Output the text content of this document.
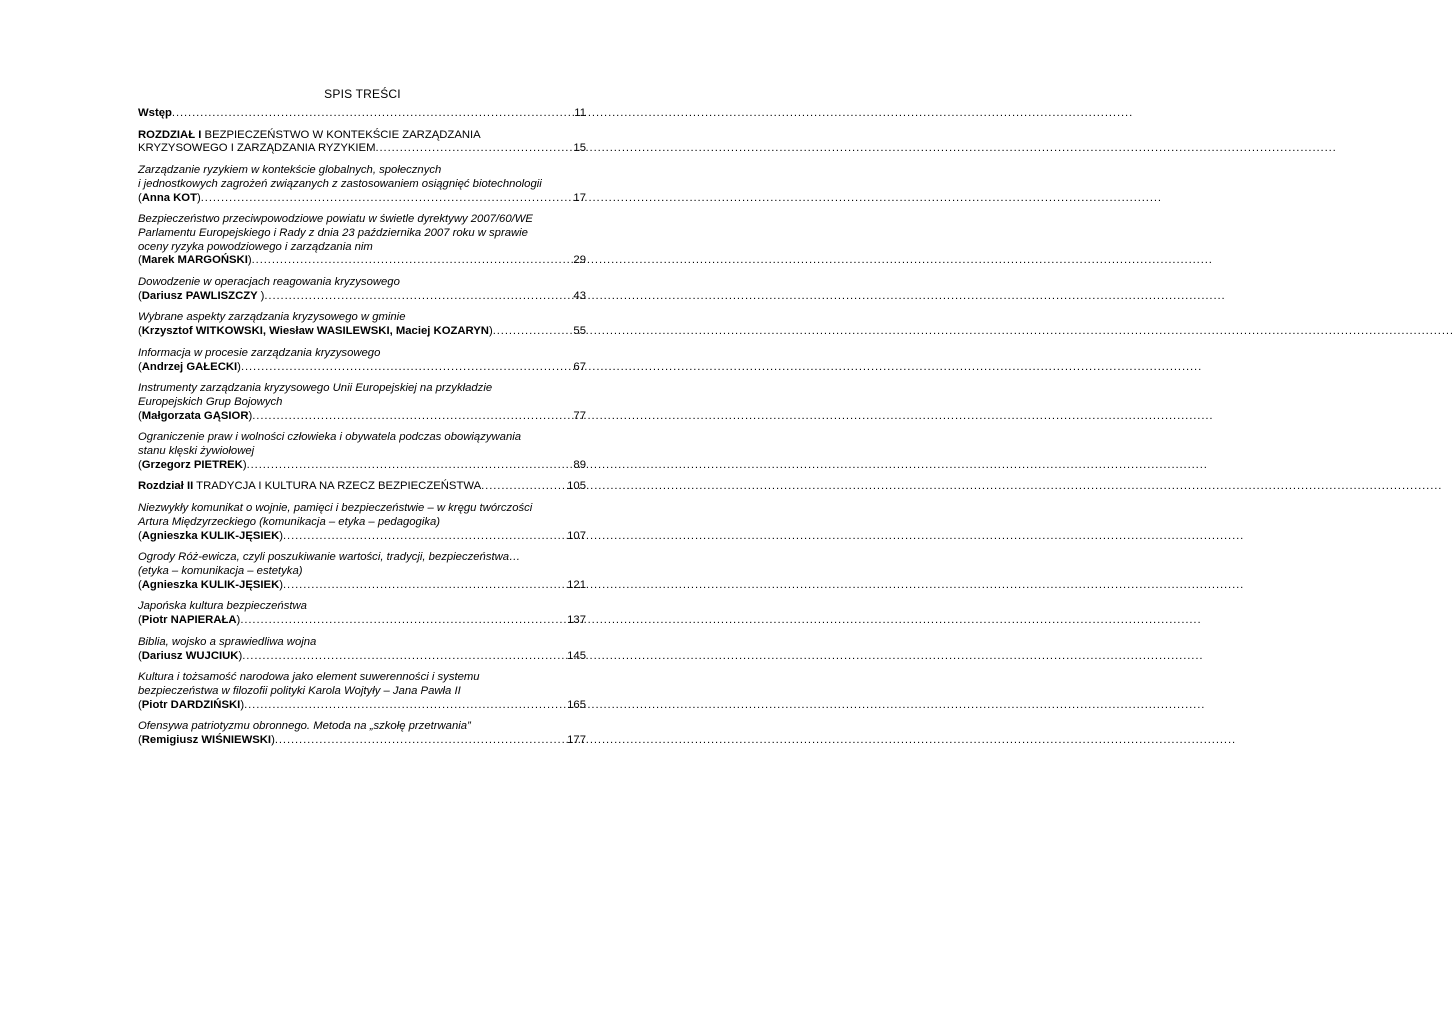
SPIS TREŚCI
Wstęp .....	11
ROZDZIAŁ I BEZPIECZEŃSTWO W KONTEKŚCIE ZARZĄDZANIA
KRYZYSOWEGO I ZARZĄDZANIA RYZYKIEM .....	15
Zarządzanie ryzykiem w kontekście globalnych, społecznych
i jednostkowych zagrożeń związanych z zastosowaniem osiągnięć biotechnologii
(Anna KOT) .....	17
Bezpieczeństwo przeciwpowodziowe powiatu w świetle dyrektywy 2007/60/WE
Parlamentu Europejskiego i Rady z dnia 23 października 2007 roku w sprawie
oceny ryzyka powodziowego i zarządzania nim
(Marek MARGOŃSKI) .....	29
Dowodzenie w operacjach reagowania kryzysowego
(Dariusz PAWLISZCZY ) .....	43
Wybrane aspekty zarządzania kryzysowego w gminie
(Krzysztof WITKOWSKI, Wiesław WASILEWSKI, Maciej KOZARYN) .....	55
Informacja w procesie zarządzania kryzysowego
(Andrzej GAŁECKI) .....	67
Instrumenty zarządzania kryzysowego Unii Europejskiej na przykładzie
Europejskich Grup Bojowych
(Małgorzata GĄSIOR) .....	77
Ograniczenie praw i wolności człowieka i obywatela podczas obowiązywania
stanu klęski żywiołowej
(Grzegorz PIETREK) .....	89
Rozdział II TRADYCJA I KULTURA NA RZECZ BEZPIECZEŃSTWA .....	105
Niezwykły komunikat o wojnie, pamięci i bezpieczeństwie – w kręgu twórczości
Artura Międzyrzeckiego (komunikacja – etyka – pedagogika)
(Agnieszka KULIK-JĘSIEK) .....	107
Ogrody Róż-ewicza, czyli poszukiwanie wartości, tradycji, bezpieczeństwa…
(etyka – komunikacja – estetyka)
(Agnieszka KULIK-JĘSIEK) .....	121
Japońska kultura bezpieczeństwa
(Piotr NAPIERAŁA) .....	137
Biblia, wojsko a sprawiedliwa wojna
(Dariusz WUJCIUK) .....	145
Kultura i tożsamość narodowa jako element suwerenności i systemu
bezpieczeństwa w filozofii polityki Karola Wojtyły – Jana Pawła II
(Piotr DARDZIŃSKI) .....	165
Ofensywa patriotyzmu obronnego. Metoda na „szkołę przetrwania”
(Remigiusz WIŚNIEWSKI) .....	177
